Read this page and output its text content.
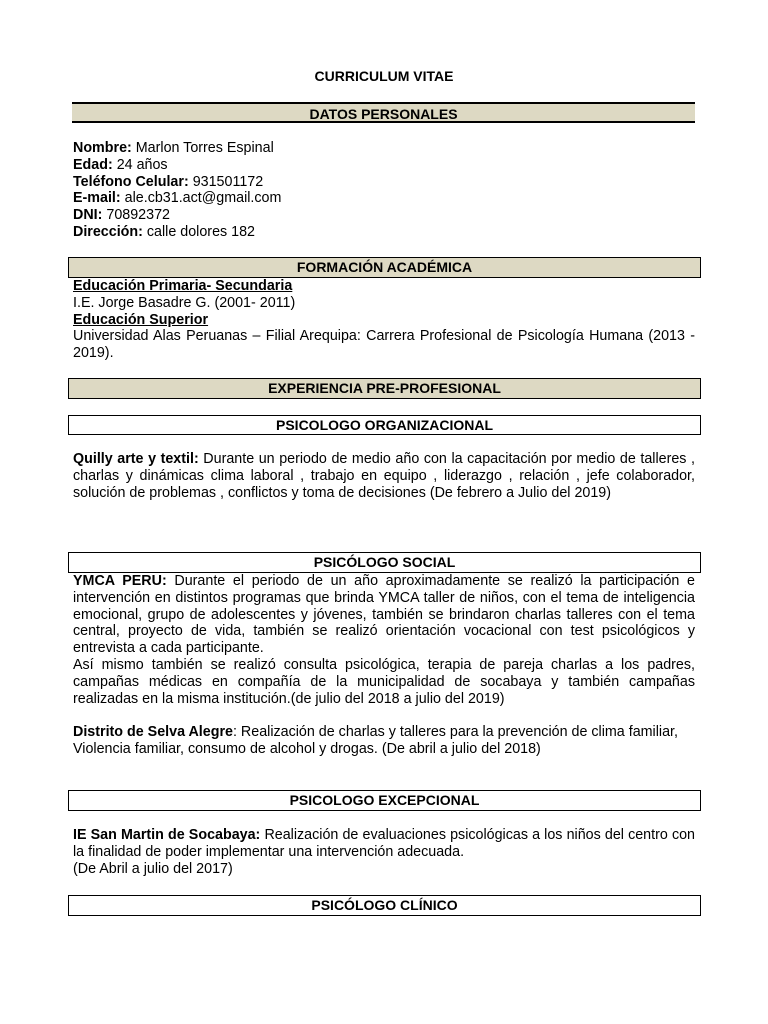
CURRICULUM VITAE
DATOS PERSONALES

Nombre: Marlon Torres Espinal

Edad: 24 años

Teléfono Celular: 931501172

E-mail: ale.cb31.act@gmail.com

DNI: 70892372

Dirección: calle dolores 182

FORMACIÓN ACADÉMICA

Educación Primaria- Secundaria

I.E. Jorge Basadre G. (2001- 2011)

Educación Superior

Universidad Alas Peruanas – Filial Arequipa: Carrera Profesional de Psicología Humana (2013 - 2019).

EXPERIENCIA PRE-PROFESIONAL
PSICOLOGO ORGANIZACIONAL
Quilly arte y textil: Durante un periodo de medio año con la capacitación por medio de talleres , charlas y dinámicas clima laboral , trabajo en equipo , liderazgo , relación , jefe colaborador, solución de problemas , conflictos y toma de decisiones (De febrero a Julio del 2019)
PSICÓLOGO SOCIAL

YMCA PERU: Durante el periodo de un año aproximadamente se realizó la participación e intervención en distintos programas que brinda YMCA taller de niños, con el tema de inteligencia emocional, grupo de adolescentes y jóvenes, también se brindaron charlas talleres con el tema central, proyecto de vida, también se realizó orientación vocacional con test psicológicos y entrevista a cada participante.

Así mismo también se realizó consulta psicológica, terapia de pareja charlas a los padres, campañas médicas en compañía de la municipalidad de socabaya y también campañas realizadas en la misma institución.(de julio del 2018 a julio del 2019)

Distrito de Selva Alegre: Realización de charlas y talleres para la prevención de clima familiar,

Violencia familiar, consumo de alcohol y drogas. (De abril a julio del 2018)

PSICOLOGO EXCEPCIONAL

IE San Martin de Socabaya: Realización de evaluaciones psicológicas a los niños del centro con la finalidad de poder implementar una intervención adecuada.

(De Abril a julio del 2017)

PSICÓLOGO CLÍNICO
